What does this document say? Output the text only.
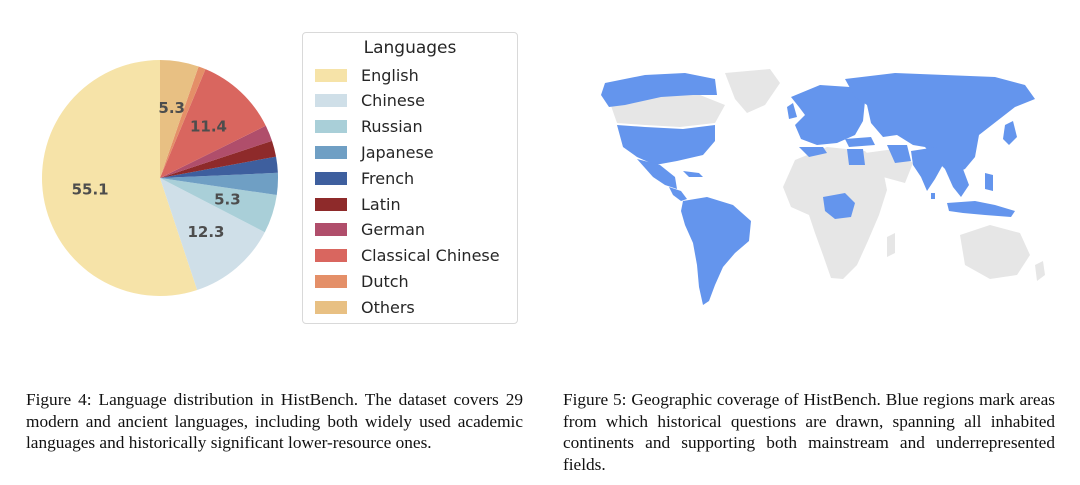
55.1
12.3
5.3
11.4
5.3
Languages
English
Chinese
Russian
Japanese
French
Latin
German
Classical Chinese
Dutch
Others

Figure 4: Language distribution in HistBench. The dataset covers 29 modern and ancient languages, including both widely used academic languages and historically significant lower-resource ones.

Figure 5: Geographic coverage of HistBench. Blue regions mark areas from which historical questions are drawn, spanning all inhabited continents and supporting both mainstream and underrepresented fields.
